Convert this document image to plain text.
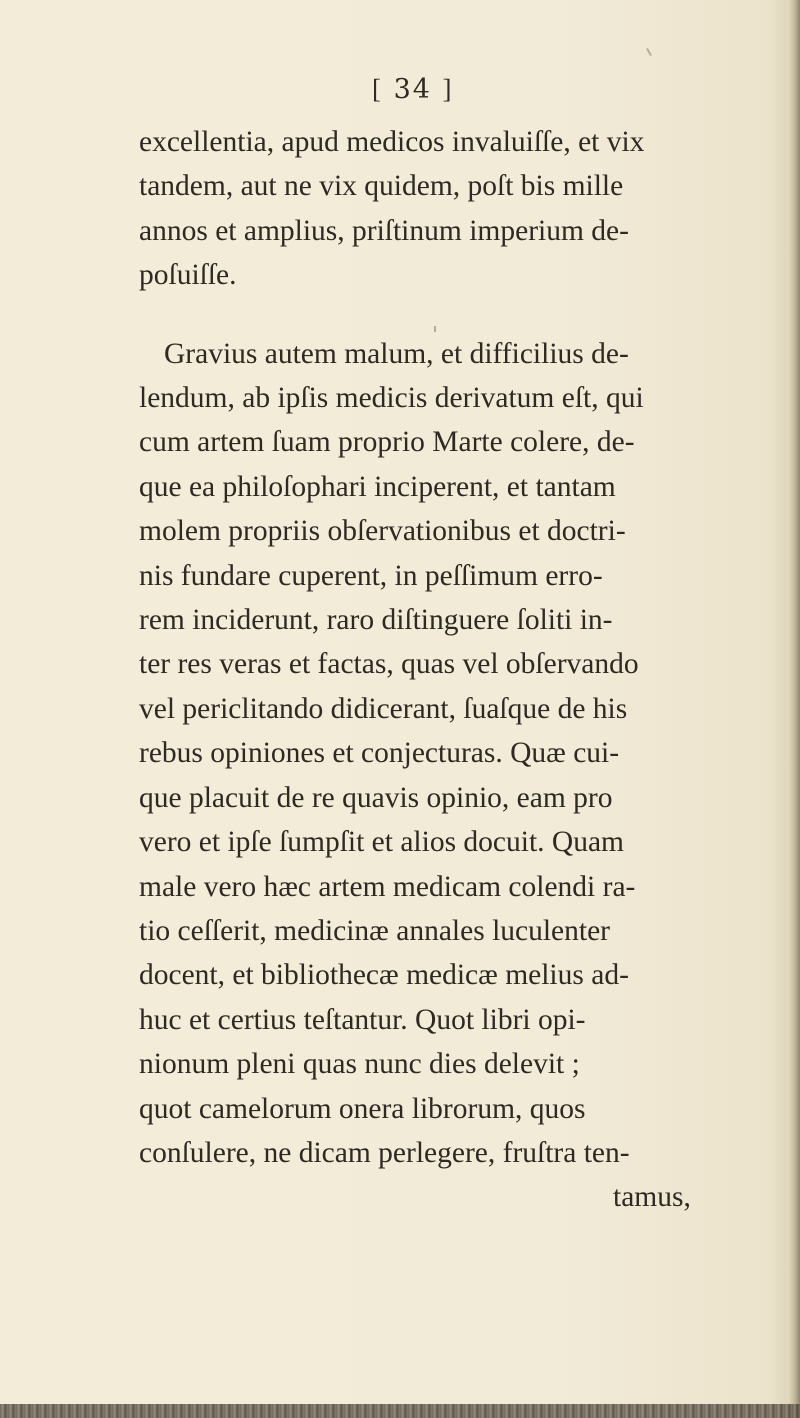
[ 34 ]
excellentia, apud medicos invaluiſſe, et vix
tandem, aut ne vix quidem, poſt bis mille
annos et amplius, priſtinum imperium de-
poſuiſſe.
Gravius autem malum, et difficilius de-
lendum, ab ipſis medicis derivatum eſt, qui
cum artem ſuam proprio Marte colere, de-
que ea philoſophari inciperent, et tantam
molem propriis obſervationibus et doctri-
nis fundare cuperent, in peſſimum erro-
rem inciderunt, raro diſtinguere ſoliti in-
ter res veras et factas, quas vel obſervando
vel periclitando didicerant, ſuaſque de his
rebus opiniones et conjecturas. Quæ cui-
que placuit de re quavis opinio, eam pro
vero et ipſe ſumpſit et alios docuit. Quam
male vero hæc artem medicam colendi ra-
tio ceſſerit, medicinæ annales luculenter
docent, et bibliothecæ medicæ melius ad-
huc et certius teſtantur. Quot libri opi-
nionum pleni quas nunc dies delevit ;
quot camelorum onera librorum, quos
conſulere, ne dicam perlegere, fruſtra ten-
tamus,
